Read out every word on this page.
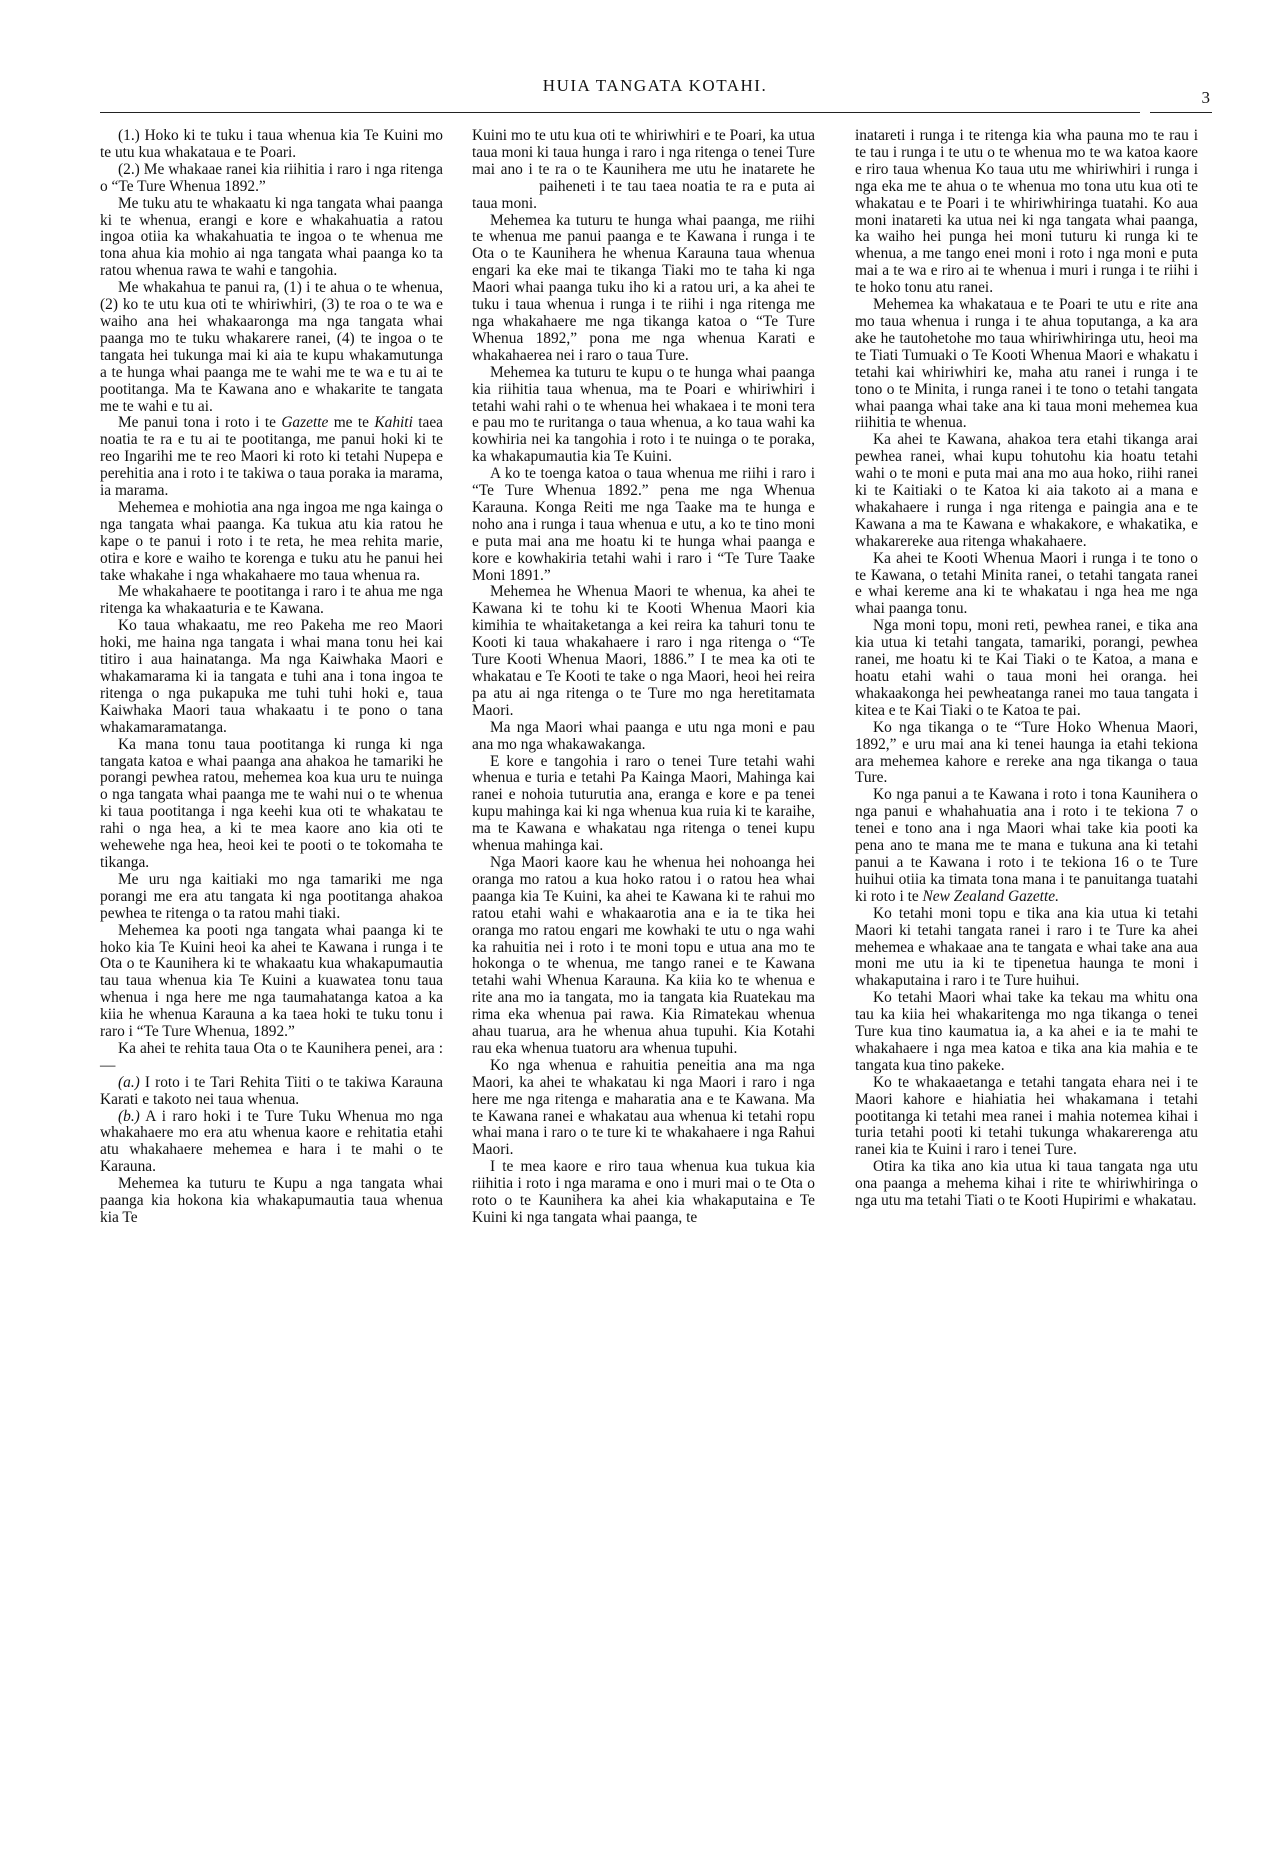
HUIA TANGATA KOTAHI.
3

(1.) Hoko ki te tuku i taua whenua kia Te Kuini mo te utu kua whakataua e te Poari.

(2.) Me whakaae ranei kia riihitia i raro i nga ritenga o “Te Ture Whenua 1892.”

Me tuku atu te whakaatu ki nga tangata whai paanga ki te whenua, erangi e kore e whakahuatia a ratou ingoa otiia ka whakahuatia te ingoa o te whenua me tona ahua kia mohio ai nga tangata whai paanga ko ta ratou whenua rawa te wahi e tangohia.

Me whakahua te panui ra, (1) i te ahua o te whenua, (2) ko te utu kua oti te whiriwhiri, (3) te roa o te wa e waiho ana hei whakaaronga ma nga tangata whai paanga mo te tuku whakarere ranei, (4) te ingoa o te tangata hei tukunga mai ki aia te kupu whakamutunga a te hunga whai paanga me te wahi me te wa e tu ai te pootitanga. Ma te Kawana ano e whakarite te tangata me te wahi e tu ai.

Me panui tona i roto i te Gazette me te Kahiti taea noatia te ra e tu ai te pootitanga, me panui hoki ki te reo Ingarihi me te reo Maori ki roto ki tetahi Nupepa e perehitia ana i roto i te takiwa o taua poraka ia marama, ia marama.

Mehemea e mohiotia ana nga ingoa me nga kainga o nga tangata whai paanga. Ka tukua atu kia ratou he kape o te panui i roto i te reta, he mea rehita marie, otira e kore e waiho te korenga e tuku atu he panui hei take whakahe i nga whakahaere mo taua whenua ra.

Me whakahaere te pootitanga i raro i te ahua me nga ritenga ka whakaaturia e te Kawana.

Ko taua whakaatu, me reo Pakeha me reo Maori hoki, me haina nga tangata i whai mana tonu hei kai titiro i aua hainatanga. Ma nga Kaiwhaka Maori e whakamarama ki ia tangata e tuhi ana i tona ingoa te ritenga o nga pukapuka me tuhi tuhi hoki e, taua Kaiwhaka Maori taua whakaatu i te pono o tana whakamaramatanga.

Ka mana tonu taua pootitanga ki runga ki nga tangata katoa e whai paanga ana ahakoa he tamariki he porangi pewhea ratou, mehemea koa kua uru te nuinga o nga tangata whai paanga me te wahi nui o te whenua ki taua pootitanga i nga keehi kua oti te whakatau te rahi o nga hea, a ki te mea kaore ano kia oti te wehewehe nga hea, heoi kei te pooti o te tokomaha te tikanga.

Me uru nga kaitiaki mo nga tamariki me nga porangi me era atu tangata ki nga pootitanga ahakoa pewhea te ritenga o ta ratou mahi tiaki.

Mehemea ka pooti nga tangata whai paanga ki te hoko kia Te Kuini heoi ka ahei te Kawana i runga i te Ota o te Kaunihera ki te whakaatu kua whakapumautia tau taua whenua kia Te Kuini a kuawatea tonu taua whenua i nga here me nga taumahatanga katoa a ka kiia he whenua Karauna a ka taea hoki te tuku tonu i raro i “Te Ture Whenua, 1892.”

Ka ahei te rehita taua Ota o te Kaunihera penei, ara :—

(a.) I roto i te Tari Rehita Tiiti o te takiwa Karauna Karati e takoto nei taua whenua.

(b.) A i raro hoki i te Ture Tuku Whenua mo nga whakahaere mo era atu whenua kaore e rehitatia etahi atu whakahaere mehemea e hara i te mahi o te Karauna.

Mehemea ka tuturu te Kupu a nga tangata whai paanga kia hokona kia whakapumautia taua whenua kia Te

Kuini mo te utu kua oti te whiriwhiri e te Poari, ka utua taua moni ki taua hunga i raro i nga ritenga o tenei Ture mai ano i te ra o te Kaunihera me utu he inatarete he      paiheneti i te tau taea noatia te ra e puta ai taua moni.

Mehemea ka tuturu te hunga whai paanga, me riihi te whenua me panui paanga e te Kawana i runga i te Ota o te Kaunihera he whenua Karauna taua whenua engari ka eke mai te tikanga Tiaki mo te taha ki nga Maori whai paanga tuku iho ki a ratou uri, a ka ahei te tuku i taua whenua i runga i te riihi i nga ritenga me nga whakahaere me nga tikanga katoa o “Te Ture Whenua 1892,” pona me nga whenua Karati e whakahaerea nei i raro o taua Ture.

Mehemea ka tuturu te kupu o te hunga whai paanga kia riihitia taua whenua, ma te Poari e whiriwhiri i tetahi wahi rahi o te whenua hei whakaea i te moni tera e pau mo te ruritanga o taua whenua, a ko taua wahi ka kowhiria nei ka tangohia i roto i te nuinga o te poraka, ka whakapumautia kia Te Kuini.

A ko te toenga katoa o taua whenua me riihi i raro i “Te Ture Whenua 1892.” pena me nga Whenua Karauna. Konga Reiti me nga Taake ma te hunga e noho ana i runga i taua whenua e utu, a ko te tino moni e puta mai ana me hoatu ki te hunga whai paanga e kore e kowhakiria tetahi wahi i raro i “Te Ture Taake Moni 1891.”

Mehemea he Whenua Maori te whenua, ka ahei te Kawana ki te tohu ki te Kooti Whenua Maori kia kimihia te whaitaketanga a kei reira ka tahuri tonu te Kooti ki taua whakahaere i raro i nga ritenga o “Te Ture Kooti Whenua Maori, 1886.” I te mea ka oti te whakatau e Te Kooti te take o nga Maori, heoi hei reira pa atu ai nga ritenga o te Ture mo nga heretitamata Maori.

Ma nga Maori whai paanga e utu nga moni e pau ana mo nga whakawakanga.

E kore e tangohia i raro o tenei Ture tetahi wahi whenua e turia e tetahi Pa Kainga Maori, Mahinga kai ranei e nohoia tuturutia ana, eranga e kore e pa tenei kupu mahinga kai ki nga whenua kua ruia ki te karaihe, ma te Kawana e whakatau nga ritenga o tenei kupu whenua mahinga kai.

Nga Maori kaore kau he whenua hei nohoanga hei oranga mo ratou a kua hoko ratou i o ratou hea whai paanga kia Te Kuini, ka ahei te Kawana ki te rahui mo ratou etahi wahi e whakaarotia ana e ia te tika hei oranga mo ratou engari me kowhaki te utu o nga wahi ka rahuitia nei i roto i te moni topu e utua ana mo te hokonga o te whenua, me tango ranei e te Kawana tetahi wahi Whenua Karauna. Ka kiia ko te whenua e rite ana mo ia tangata, mo ia tangata kia Ruatekau ma rima eka whenua pai rawa. Kia Rimatekau whenua ahau tuarua, ara he whenua ahua tupuhi. Kia Kotahi rau eka whenua tuatoru ara whenua tupuhi.

Ko nga whenua e rahuitia peneitia ana ma nga Maori, ka ahei te whakatau ki nga Maori i raro i nga here me nga ritenga e maharatia ana e te Kawana. Ma te Kawana ranei e whakatau aua whenua ki tetahi ropu whai mana i raro o te ture ki te whakahaere i nga Rahui Maori.

I te mea kaore e riro taua whenua kua tukua kia riihitia i roto i nga marama e ono i muri mai o te Ota o roto o te Kaunihera ka ahei kia whakaputaina e Te Kuini ki nga tangata whai paanga, te

inatareti i runga i te ritenga kia wha pauna mo te rau i te tau i runga i te utu o te whenua mo te wa katoa kaore e riro taua whenua Ko taua utu me whiriwhiri i runga i nga eka me te ahua o te whenua mo tona utu kua oti te whakatau e te Poari i te whiriwhiringa tuatahi. Ko aua moni inatareti ka utua nei ki nga tangata whai paanga, ka waiho hei punga hei moni tuturu ki runga ki te whenua, a me tango enei moni i roto i nga moni e puta mai a te wa e riro ai te whenua i muri i runga i te riihi i te hoko tonu atu ranei.

Mehemea ka whakataua e te Poari te utu e rite ana mo taua whenua i runga i te ahua toputanga, a ka ara ake he tautohetohe mo taua whiriwhiringa utu, heoi ma te Tiati Tumuaki o Te Kooti Whenua Maori e whakatu i tetahi kai whiriwhiri ke, maha atu ranei i runga i te tono o te Minita, i runga ranei i te tono o tetahi tangata whai paanga whai take ana ki taua moni mehemea kua riihitia te whenua.

Ka ahei te Kawana, ahakoa tera etahi tikanga arai pewhea ranei, whai kupu tohutohu kia hoatu tetahi wahi o te moni e puta mai ana mo aua hoko, riihi ranei ki te Kaitiaki o te Katoa ki aia takoto ai a mana e whakahaere i runga i nga ritenga e paingia ana e te Kawana a ma te Kawana e whakakore, e whakatika, e whakarereke aua ritenga whakahaere.

Ka ahei te Kooti Whenua Maori i runga i te tono o te Kawana, o tetahi Minita ranei, o tetahi tangata ranei e whai kereme ana ki te whakatau i nga hea me nga whai paanga tonu.

Nga moni topu, moni reti, pewhea ranei, e tika ana kia utua ki tetahi tangata, tamariki, porangi, pewhea ranei, me hoatu ki te Kai Tiaki o te Katoa, a mana e hoatu etahi wahi o taua moni hei oranga. hei whakaakonga hei pewheatanga ranei mo taua tangata i kitea e te Kai Tiaki o te Katoa te pai.

Ko nga tikanga o te “Ture Hoko Whenua Maori, 1892,” e uru mai ana ki tenei haunga ia etahi tekiona ara mehemea kahore e rereke ana nga tikanga o taua Ture.

Ko nga panui a te Kawana i roto i tona Kaunihera o nga panui e whahahuatia ana i roto i te tekiona 7 o tenei e tono ana i nga Maori whai take kia pooti ka pena ano te mana me te mana e tukuna ana ki tetahi panui a te Kawana i roto i te tekiona 16 o te Ture huihui otiia ka timata tona mana i te panuitanga tuatahi ki roto i te New Zealand Gazette.

Ko tetahi moni topu e tika ana kia utua ki tetahi Maori ki tetahi tangata ranei i raro i te Ture ka ahei mehemea e whakaae ana te tangata e whai take ana aua moni me utu ia ki te tipenetua haunga te moni i whakaputaina i raro i te Ture huihui.

Ko tetahi Maori whai take ka tekau ma whitu ona tau ka kiia hei whakaritenga mo nga tikanga o tenei Ture kua tino kaumatua ia, a ka ahei e ia te mahi te whakahaere i nga mea katoa e tika ana kia mahia e te tangata kua tino pakeke.

Ko te whakaaetanga e tetahi tangata ehara nei i te Maori kahore e hiahiatia hei whakamana i tetahi pootitanga ki tetahi mea ranei i mahia notemea kihai i turia tetahi pooti ki tetahi tukunga whakarerenga atu ranei kia te Kuini i raro i tenei Ture.

Otira ka tika ano kia utua ki taua tangata nga utu ona paanga a mehema kihai i rite te whiriwhiringa o nga utu ma tetahi Tiati o te Kooti Hupirimi e whakatau.
